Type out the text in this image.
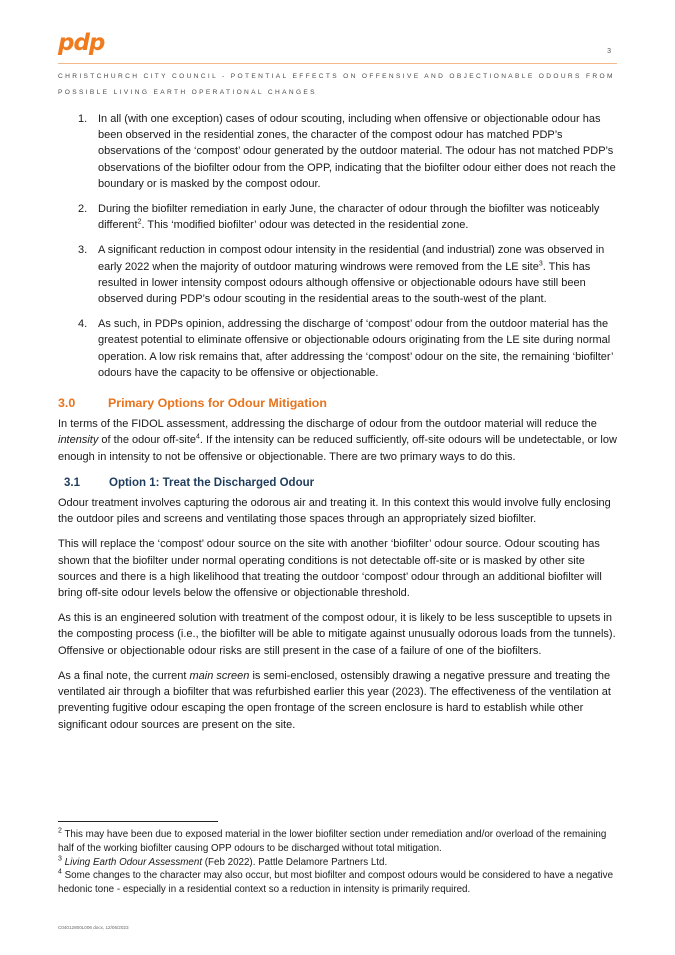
pdp	3
CHRISTCHURCH CITY COUNCIL - POTENTIAL EFFECTS ON OFFENSIVE AND OBJECTIONABLE ODOURS FROM POSSIBLE LIVING EARTH OPERATIONAL CHANGES
1. In all (with one exception) cases of odour scouting, including when offensive or objectionable odour has been observed in the residential zones, the character of the compost odour has matched PDP’s observations of the ‘compost’ odour generated by the outdoor material. The odour has not matched PDP’s observations of the biofilter odour from the OPP, indicating that the biofilter odour either does not reach the boundary or is masked by the compost odour.
2. During the biofilter remediation in early June, the character of odour through the biofilter was noticeably different$^2$. This ‘modified biofilter’ odour was detected in the residential zone.
3. A significant reduction in compost odour intensity in the residential (and industrial) zone was observed in early 2022 when the majority of outdoor maturing windrows were removed from the LE site$^3$. This has resulted in lower intensity compost odours although offensive or objectionable odours have still been observed during PDP’s odour scouting in the residential areas to the south-west of the plant.
4. As such, in PDPs opinion, addressing the discharge of ‘compost’ odour from the outdoor material has the greatest potential to eliminate offensive or objectionable odours originating from the LE site during normal operation. A low risk remains that, after addressing the ‘compost’ odour on the site, the remaining ‘biofilter’ odours have the capacity to be offensive or objectionable.
3.0	Primary Options for Odour Mitigation

In terms of the FIDOL assessment, addressing the discharge of odour from the outdoor material will reduce the intensity of the odour off-site$^4$. If the intensity can be reduced sufficiently, off-site odours will be undetectable, or low enough in intensity to not be offensive or objectionable. There are two primary ways to do this.

3.1	Option 1: Treat the Discharged Odour

Odour treatment involves capturing the odorous air and treating it. In this context this would involve fully enclosing the outdoor piles and screens and ventilating those spaces through an appropriately sized biofilter.

This will replace the ‘compost’ odour source on the site with another ‘biofilter’ odour source. Odour scouting has shown that the biofilter under normal operating conditions is not detectable off-site or is masked by other site sources and there is a high likelihood that treating the outdoor ‘compost’ odour through an additional biofilter will bring off-site odour levels below the offensive or objectionable threshold.

As this is an engineered solution with treatment of the compost odour, it is likely to be less susceptible to upsets in the composting process (i.e., the biofilter will be able to mitigate against unusually odorous loads from the tunnels). Offensive or objectionable odour risks are still present in the case of a failure of one of the biofilters.

As a final note, the current main screen is semi-enclosed, ostensibly drawing a negative pressure and treating the ventilated air through a biofilter that was refurbished earlier this year (2023). The effectiveness of the ventilation at preventing fugitive odour escaping the open frontage of the screen enclosure is hard to establish while other significant odour sources are present on the site.

$^2$ This may have been due to exposed material in the lower biofilter section under remediation and/or overload of the remaining half of the working biofilter causing OPP odours to be discharged without total mitigation.
$^3$ Living Earth Odour Assessment (Feb 2022). Pattle Delamore Partners Ltd.
$^4$ Some changes to the character may also occur, but most biofilter and compost odours would be considered to have a negative hedonic tone - especially in a residential context so a reduction in intensity is primarily required.
C04012800L006 docx, 12/06/2023
